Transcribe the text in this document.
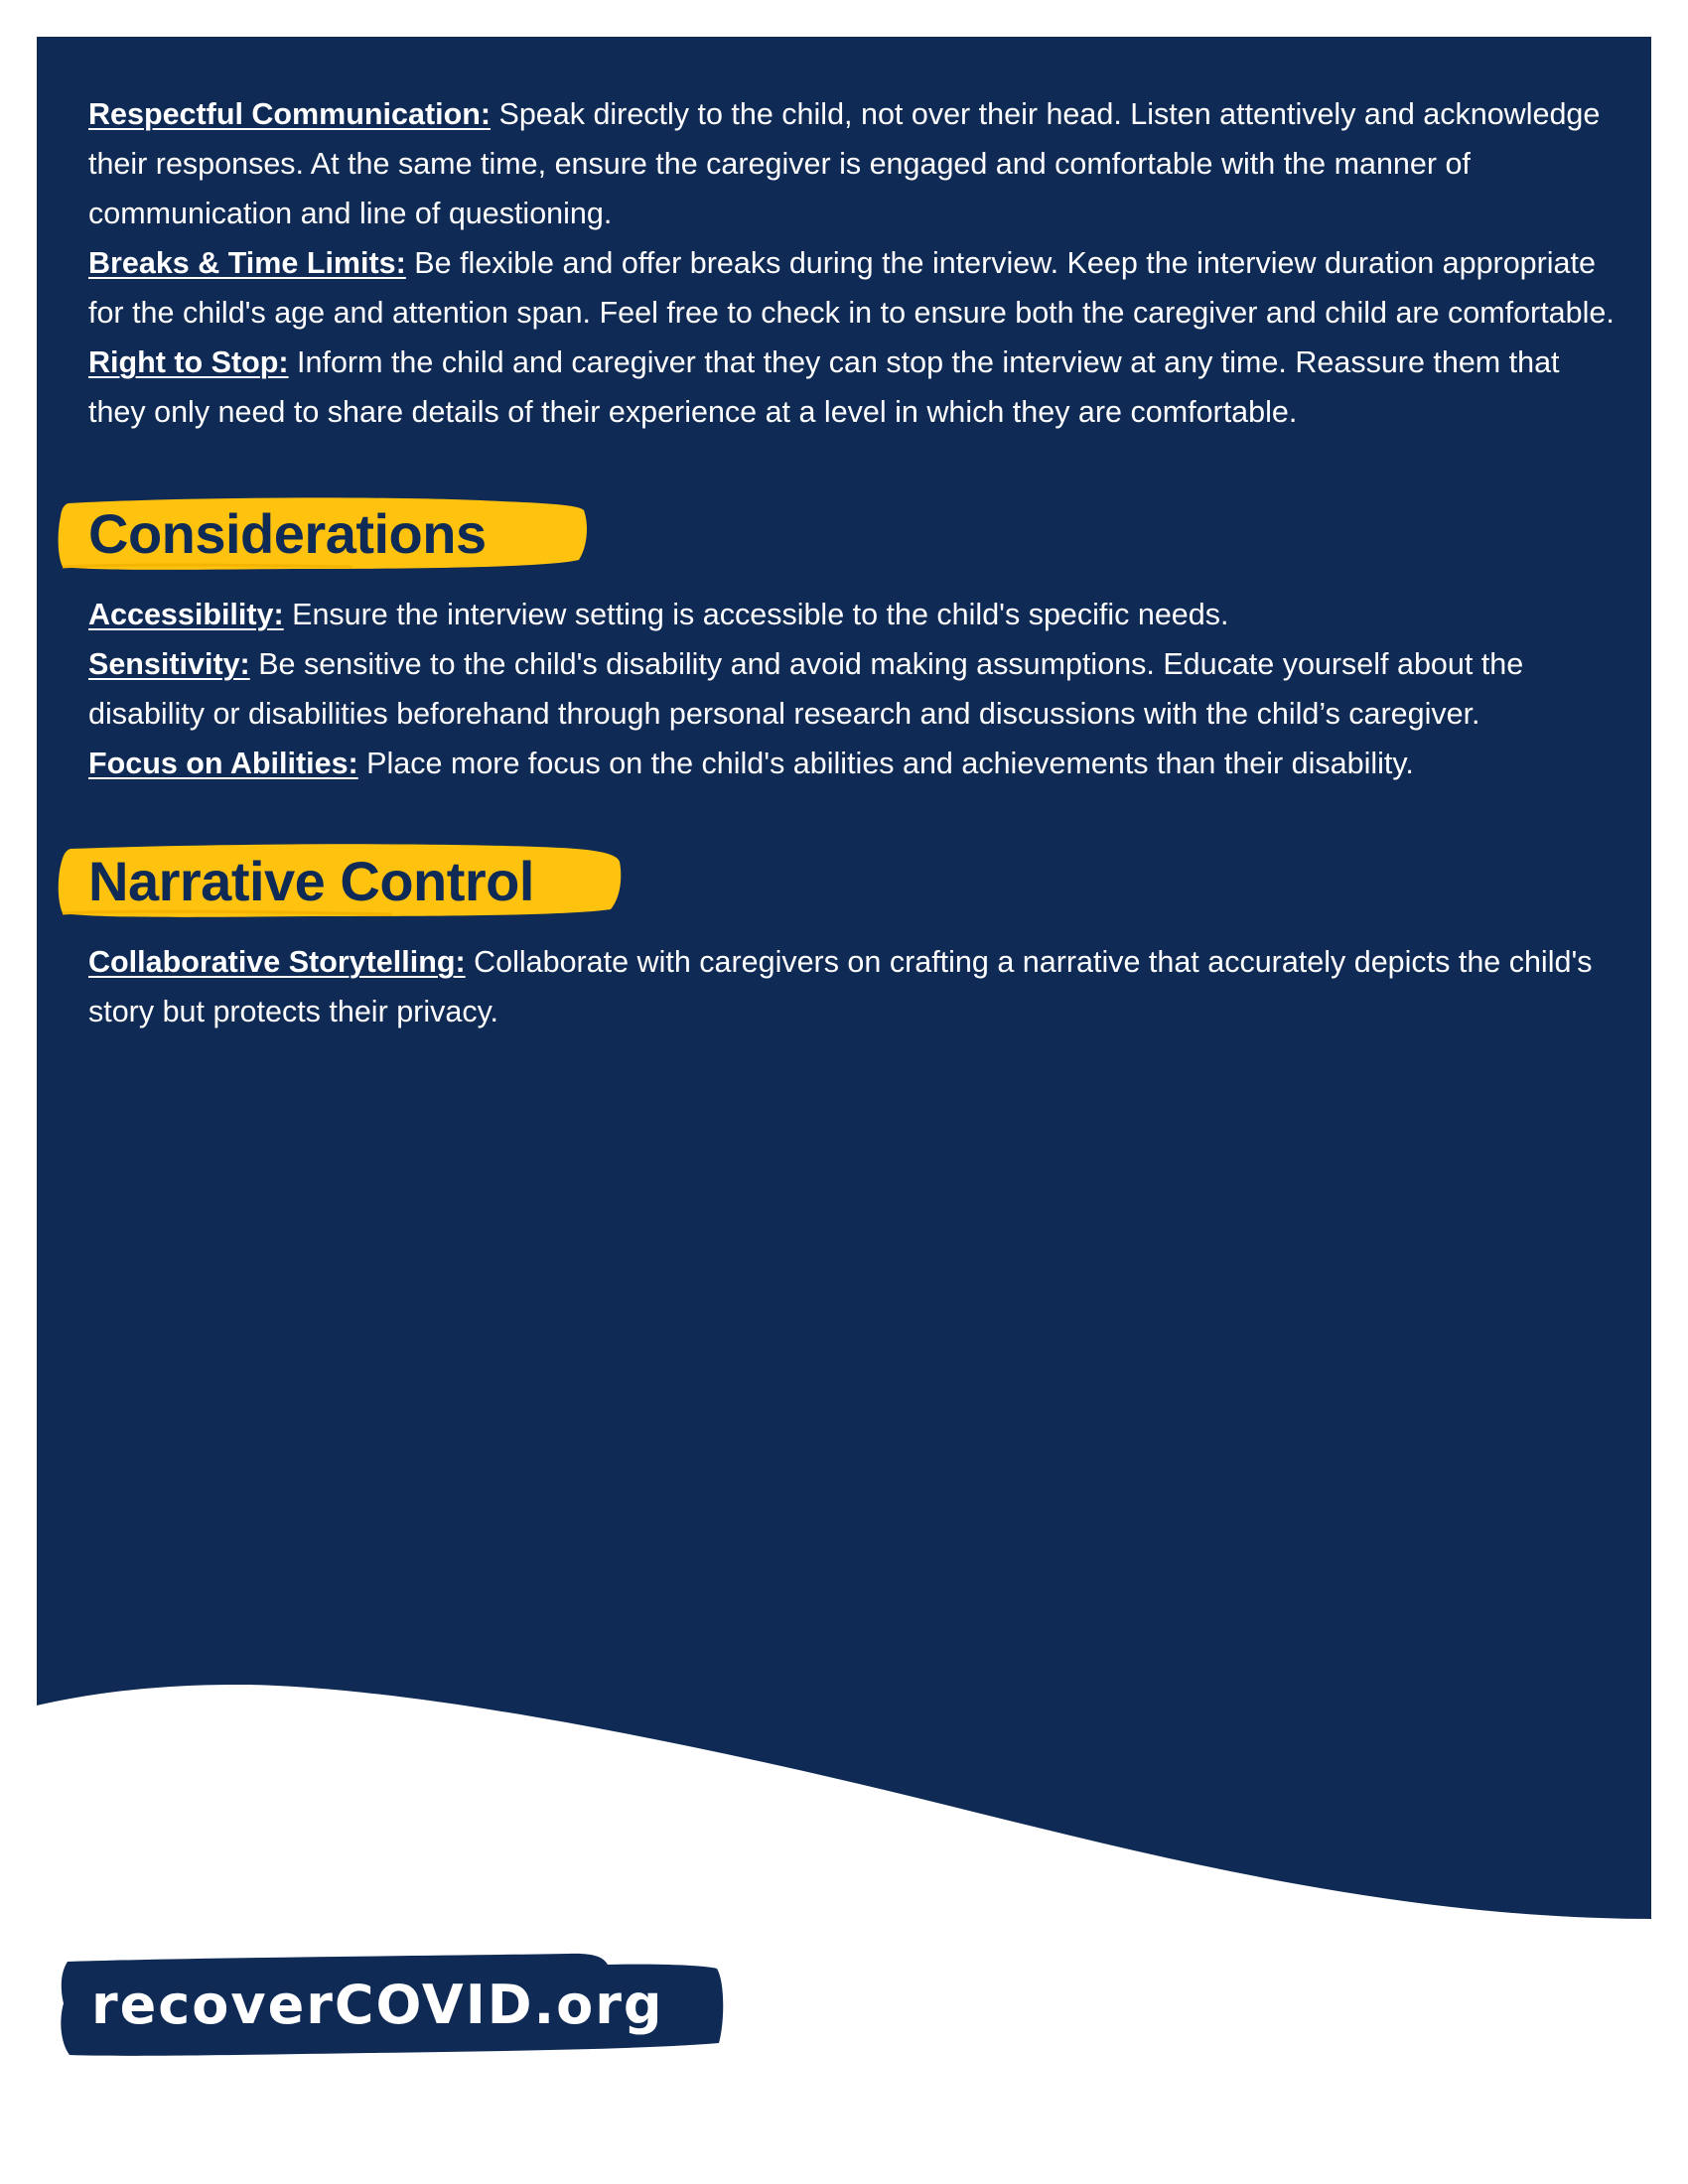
Respectful Communication: Speak directly to the child, not over their head. Listen attentively and acknowledge their responses. At the same time, ensure the caregiver is engaged and comfortable with the manner of communication and line of questioning.

Breaks & Time Limits: Be flexible and offer breaks during the interview. Keep the interview duration appropriate for the child's age and attention span. Feel free to check in to ensure both the caregiver and child are comfortable.

Right to Stop: Inform the child and caregiver that they can stop the interview at any time. Reassure them that they only need to share details of their experience at a level in which they are comfortable.

Considerations

Accessibility: Ensure the interview setting is accessible to the child's specific needs.

Sensitivity: Be sensitive to the child's disability and avoid making assumptions. Educate yourself about the disability or disabilities beforehand through personal research and discussions with the child’s caregiver.

Focus on Abilities: Place more focus on the child's abilities and achievements than their disability.

Narrative Control

Collaborative Storytelling: Collaborate with caregivers on crafting a narrative that accurately depicts the child's story but protects their privacy.

recoverCOVID.org
